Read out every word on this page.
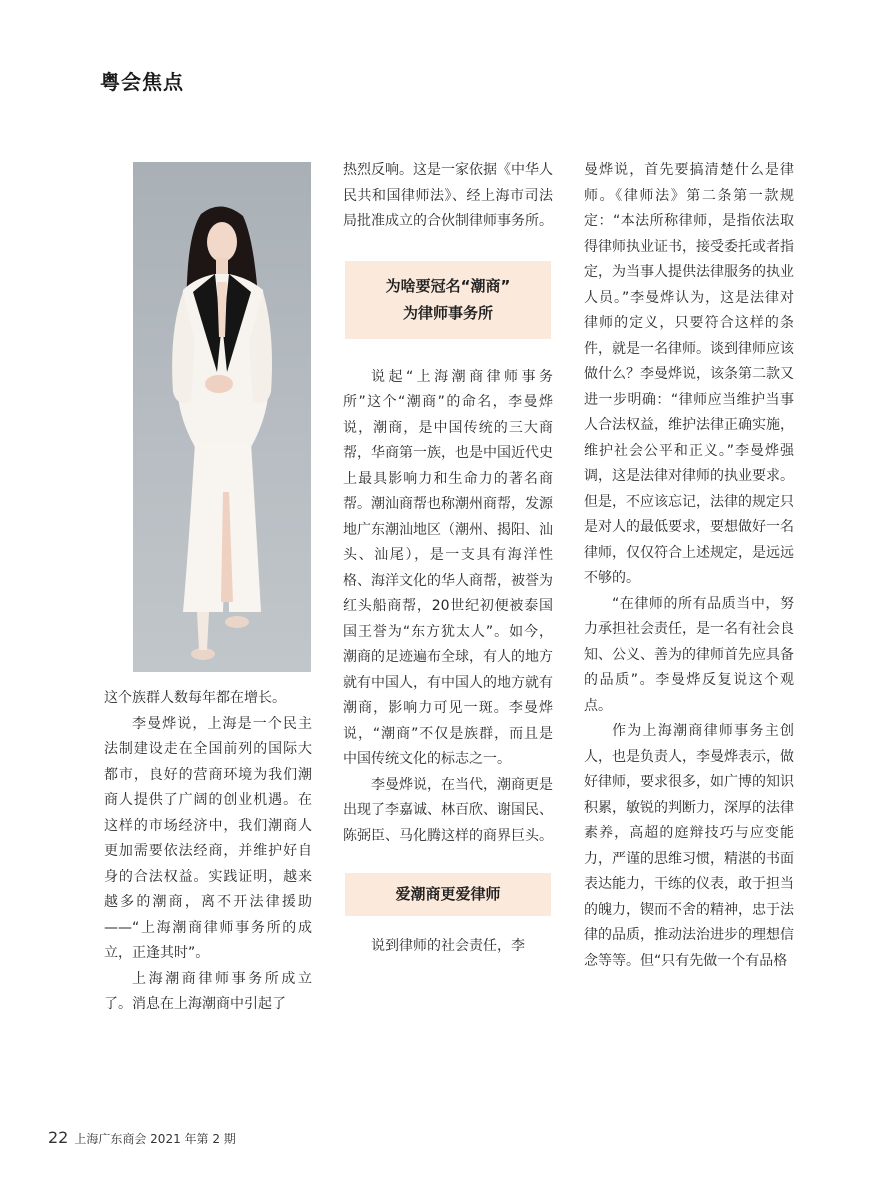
粤会焦点

这个族群人数每年都在增长。

李曼烨说，上海是一个民主法制建设走在全国前列的国际大都市，良好的营商环境为我们潮商人提供了广阔的创业机遇。在这样的市场经济中，我们潮商人更加需要依法经商，并维护好自身的合法权益。实践证明，越来越多的潮商，离不开法律援助——“上海潮商律师事务所的成立，正逢其时”。

上海潮商律师事务所成立了。消息在上海潮商中引起了

热烈反响。这是一家依据《中华人民共和国律师法》、经上海市司法局批准成立的合伙制律师事务所。

为啥要冠名“潮商”
为律师事务所

说起“上海潮商律师事务所”这个“潮商”的命名，李曼烨说，潮商，是中国传统的三大商帮，华商第一族，也是中国近代史上最具影响力和生命力的著名商帮。潮汕商帮也称潮州商帮，发源地广东潮汕地区（潮州、揭阳、汕头、汕尾），是一支具有海洋性格、海洋文化的华人商帮，被誉为红头船商帮，20世纪初便被泰国国王誉为“东方犹太人”。如今，潮商的足迹遍布全球，有人的地方就有中国人，有中国人的地方就有潮商，影响力可见一斑。李曼烨说，“潮商”不仅是族群，而且是中国传统文化的标志之一。

李曼烨说，在当代，潮商更是出现了李嘉诚、林百欣、谢国民、陈弼臣、马化腾这样的商界巨头。

爱潮商更爱律师

说到律师的社会责任，李

曼烨说，首先要搞清楚什么是律师。《律师法》第二条第一款规定：“本法所称律师，是指依法取得律师执业证书，接受委托或者指定，为当事人提供法律服务的执业人员。”李曼烨认为，这是法律对律师的定义，只要符合这样的条件，就是一名律师。谈到律师应该做什么？李曼烨说，该条第二款又进一步明确：“律师应当维护当事人合法权益，维护法律正确实施，维护社会公平和正义。”李曼烨强调，这是法律对律师的执业要求。但是，不应该忘记，法律的规定只是对人的最低要求，要想做好一名律师，仅仅符合上述规定，是远远不够的。

“在律师的所有品质当中，努力承担社会责任，是一名有社会良知、公义、善为的律师首先应具备的品质”。李曼烨反复说这个观点。

作为上海潮商律师事务主创人，也是负责人，李曼烨表示，做好律师，要求很多，如广博的知识积累，敏锐的判断力，深厚的法律素养，高超的庭辩技巧与应变能力，严谨的思维习惯，精湛的书面表达能力，干练的仪表，敢于担当的魄力，锲而不舍的精神，忠于法律的品质，推动法治进步的理想信念等等。但“只有先做一个有品格

22 上海广东商会 2021 年第 2 期
